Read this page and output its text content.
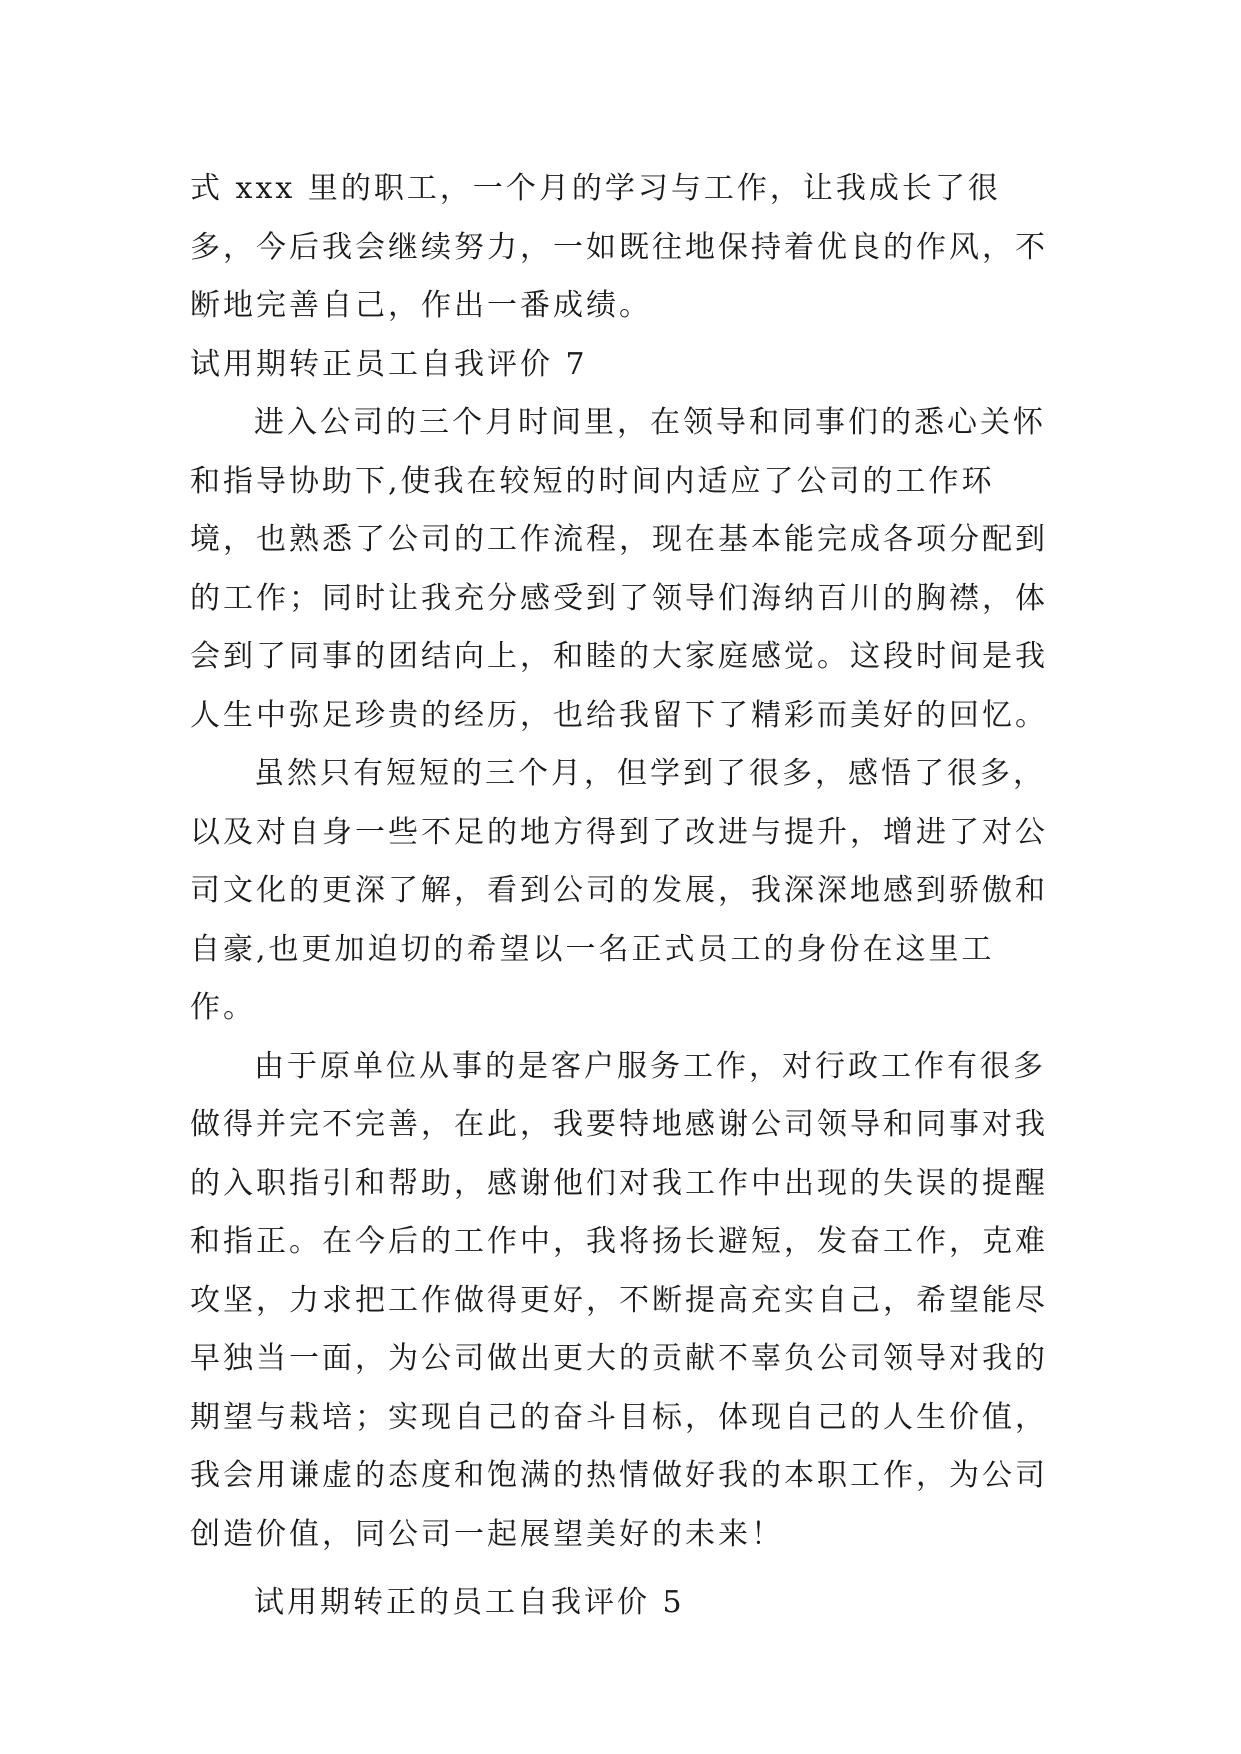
式 xxx 里的职工，一个月的学习与工作，让我成长了很多，今后我会继续努力，一如既往地保持着优良的作风，不断地完善自己，作出一番成绩。

试用期转正员工自我评价 7

进入公司的三个月时间里，在领导和同事们的悉心关怀和指导协助下,使我在较短的时间内适应了公司的工作环境，也熟悉了公司的工作流程，现在基本能完成各项分配到的工作；同时让我充分感受到了领导们海纳百川的胸襟，体会到了同事的团结向上，和睦的大家庭感觉。这段时间是我人生中弥足珍贵的经历，也给我留下了精彩而美好的回忆。

虽然只有短短的三个月，但学到了很多，感悟了很多，以及对自身一些不足的地方得到了改进与提升，增进了对公司文化的更深了解，看到公司的发展，我深深地感到骄傲和自豪,也更加迫切的希望以一名正式员工的身份在这里工作。

由于原单位从事的是客户服务工作，对行政工作有很多做得并完不完善，在此，我要特地感谢公司领导和同事对我的入职指引和帮助，感谢他们对我工作中出现的失误的提醒和指正。在今后的工作中，我将扬长避短，发奋工作，克难攻坚，力求把工作做得更好，不断提高充实自己，希望能尽早独当一面，为公司做出更大的贡献不辜负公司领导对我的期望与栽培；实现自己的奋斗目标，体现自己的人生价值，我会用谦虚的态度和饱满的热情做好我的本职工作，为公司创造价值，同公司一起展望美好的未来！

试用期转正的员工自我评价 5
